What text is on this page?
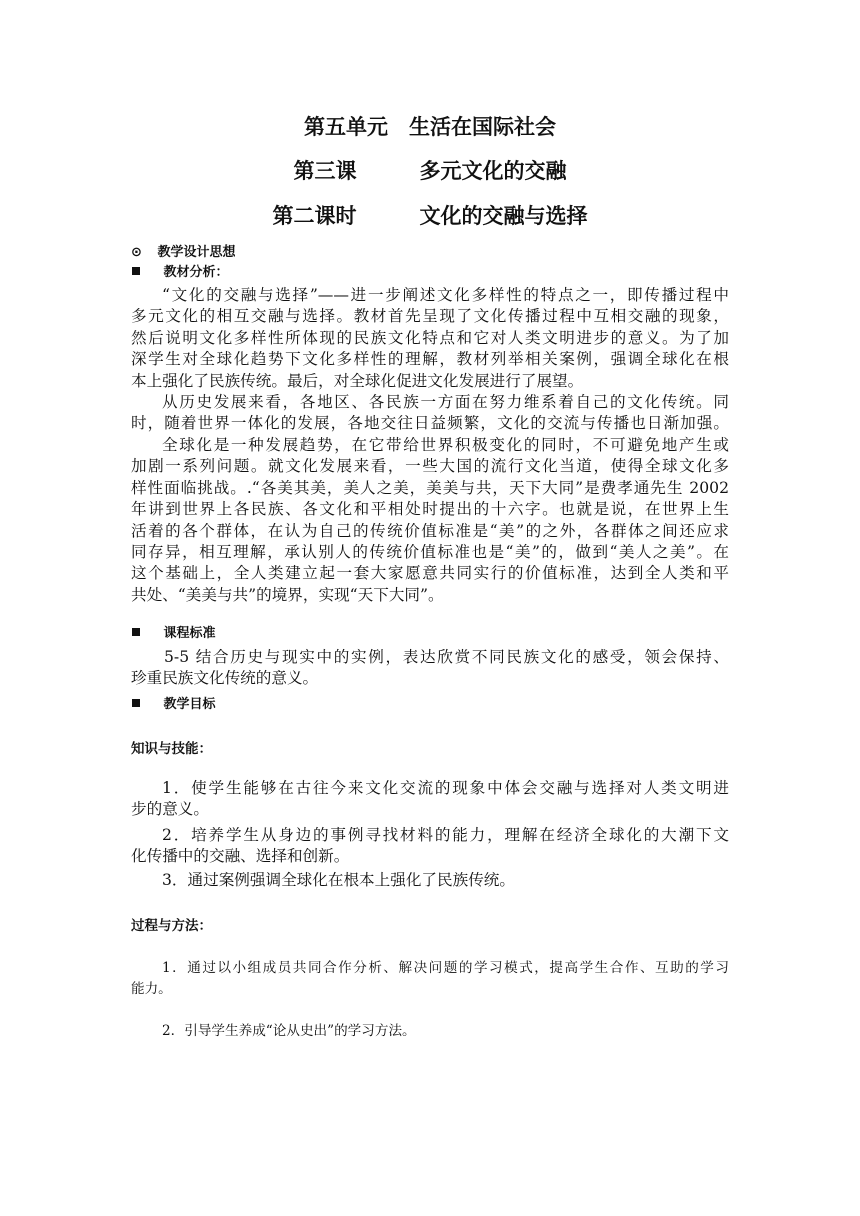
第五单元　生活在国际社会
第三课　　　多元文化的交融
第二课时　　　文化的交融与选择
⊙ 教学设计思想
教材分析：
“文化的交融与选择”——进一步阐述文化多样性的特点之一，即传播过程中
多元文化的相互交融与选择。教材首先呈现了文化传播过程中互相交融的现象，
然后说明文化多样性所体现的民族文化特点和它对人类文明进步的意义。为了加
深学生对全球化趋势下文化多样性的理解，教材列举相关案例，强调全球化在根
本上强化了民族传统。最后，对全球化促进文化发展进行了展望。
从历史发展来看，各地区、各民族一方面在努力维系着自己的文化传统。同
时，随着世界一体化的发展，各地交往日益频繁，文化的交流与传播也日渐加强。
全球化是一种发展趋势，在它带给世界积极变化的同时，不可避免地产生或
加剧一系列问题。就文化发展来看，一些大国的流行文化当道，使得全球文化多
样性面临挑战。.“各美其美，美人之美，美美与共，天下大同”是费孝通先生 2002
年讲到世界上各民族、各文化和平相处时提出的十六字。也就是说，在世界上生
活着的各个群体，在认为自己的传统价值标准是“美”的之外，各群体之间还应求
同存异，相互理解，承认别人的传统价值标准也是“美”的，做到“美人之美”。在
这个基础上，全人类建立起一套大家愿意共同实行的价值标准，达到全人类和平
共处、“美美与共”的境界，实现“天下大同”。
课程标准
5-5 结合历史与现实中的实例，表达欣赏不同民族文化的感受，领会保持、
珍重民族文化传统的意义。
教学目标
知识与技能：
1．使学生能够在古往今来文化交流的现象中体会交融与选择对人类文明进
步的意义。
2．培养学生从身边的事例寻找材料的能力，理解在经济全球化的大潮下文
化传播中的交融、选择和创新。
3．通过案例强调全球化在根本上强化了民族传统。
过程与方法：
1．通过以小组成员共同合作分析、解决问题的学习模式，提高学生合作、互助的学习
能力。
2．引导学生养成“论从史出”的学习方法。
